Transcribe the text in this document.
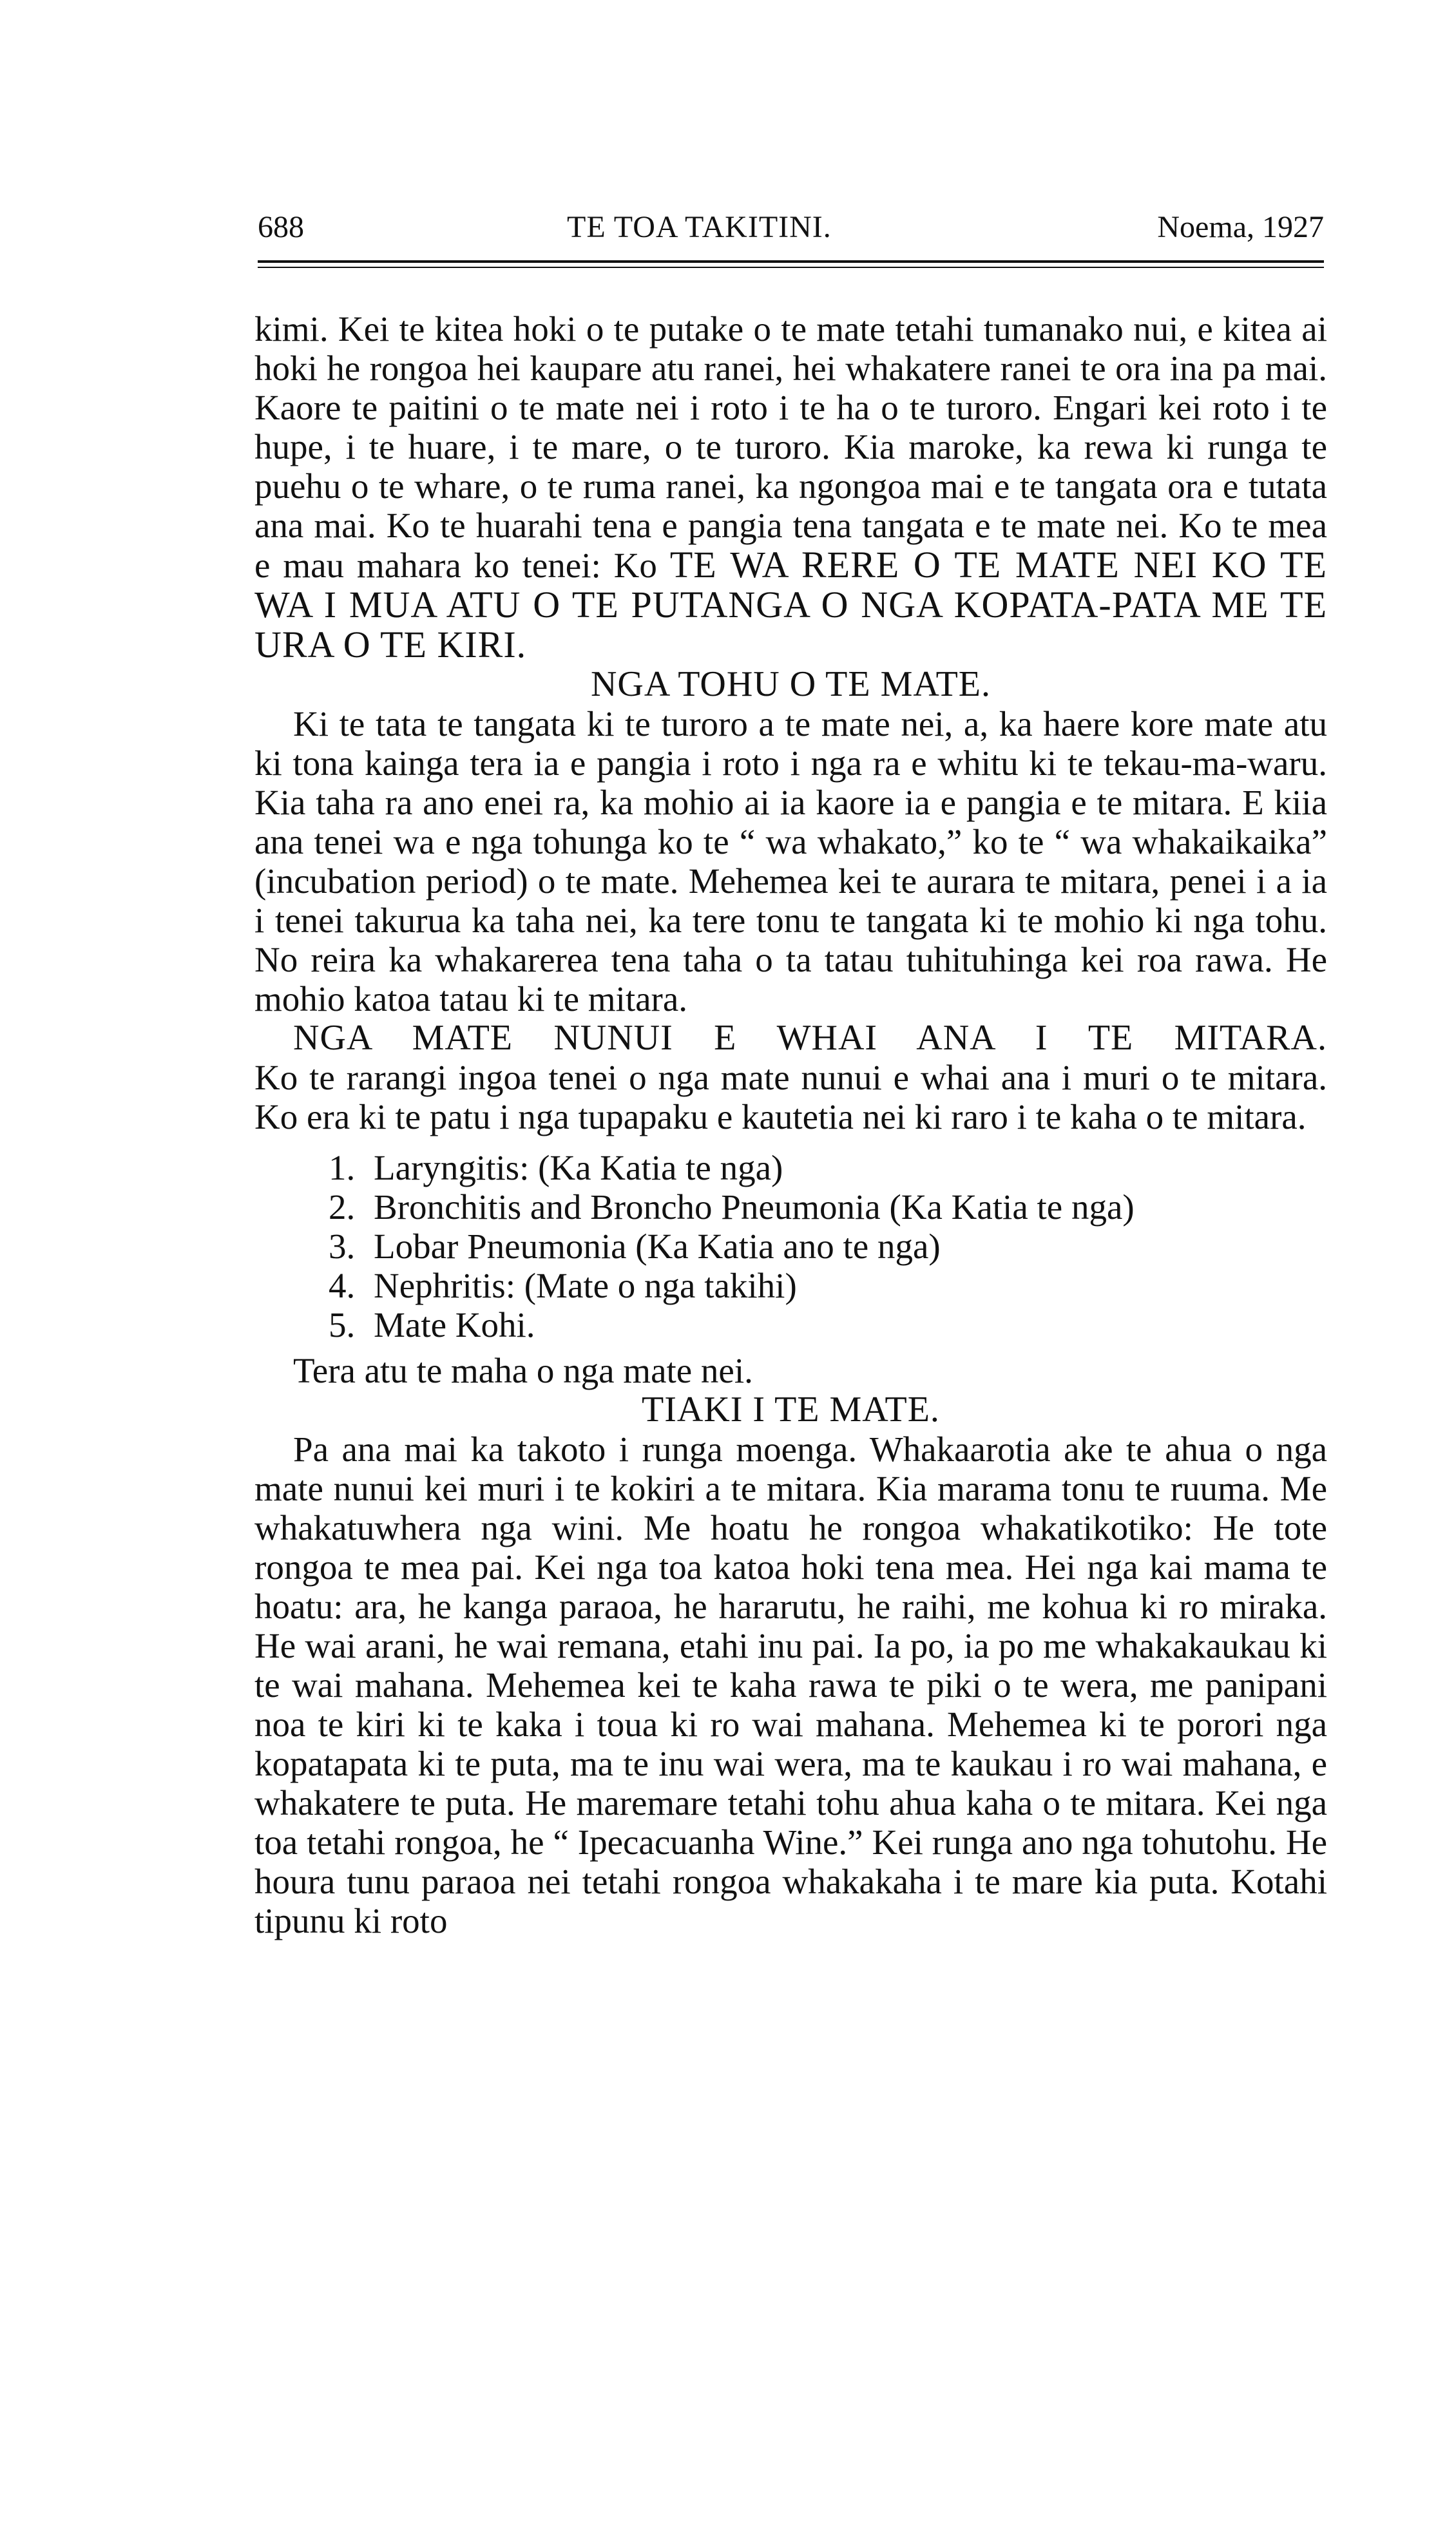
688	TE TOA TAKITINI.	Noema, 1927

kimi. Kei te kitea hoki o te putake o te mate tetahi tumanako nui, e kitea ai hoki he rongoa hei kaupare atu ranei, hei whakatere ranei te ora ina pa mai. Kaore te paitini o te mate nei i roto i te ha o te turoro. Engari kei roto i te hupe, i te huare, i te mare, o te turoro. Kia maroke, ka rewa ki runga te puehu o te whare, o te ruma ranei, ka ngongoa mai e te tangata ora e tutata ana mai. Ko te huarahi tena e pangia tena tangata e te mate nei. Ko te mea e mau mahara ko tenei: Ko TE WA RERE O TE MATE NEI KO TE WA I MUA ATU O TE PUTANGA O NGA KOPATA-PATA ME TE URA O TE KIRI.

NGA TOHU O TE MATE.

Ki te tata te tangata ki te turoro a te mate nei, a, ka haere kore mate atu ki tona kainga tera ia e pangia i roto i nga ra e whitu ki te tekau-ma-waru. Kia taha ra ano enei ra, ka mohio ai ia kaore ia e pangia e te mitara. E kiia ana tenei wa e nga tohunga ko te “ wa whakato,” ko te “ wa whakaikaika” (incubation period) o te mate. Mehemea kei te aurara te mitara, penei i a ia i tenei takurua ka taha nei, ka tere tonu te tangata ki te mohio ki nga tohu. No reira ka whakarerea tena taha o ta tatau tuhituhinga kei roa rawa. He mohio katoa tatau ki te mitara.

NGA MATE NUNUI E WHAI ANA I TE MITARA.

Ko te rarangi ingoa tenei o nga mate nunui e whai ana i muri o te mitara. Ko era ki te patu i nga tupapaku e kautetia nei ki raro i te kaha o te mitara.

1. Laryngitis: (Ka Katia te nga)
2. Bronchitis and Broncho Pneumonia (Ka Katia te nga)
3. Lobar Pneumonia (Ka Katia ano te nga)
4. Nephritis: (Mate o nga takihi)
5. Mate Kohi.

Tera atu te maha o nga mate nei.

TIAKI I TE MATE.

Pa ana mai ka takoto i runga moenga. Whakaarotia ake te ahua o nga mate nunui kei muri i te kokiri a te mitara. Kia marama tonu te ruuma. Me whakatuwhera nga wini. Me hoatu he rongoa whakatikotiko: He tote rongoa te mea pai. Kei nga toa katoa hoki tena mea. Hei nga kai mama te hoatu: ara, he kanga paraoa, he hararutu, he raihi, me kohua ki ro miraka. He wai arani, he wai remana, etahi inu pai. Ia po, ia po me whakakaukau ki te wai mahana. Mehemea kei te kaha rawa te piki o te wera, me panipani noa te kiri ki te kaka i toua ki ro wai mahana. Mehemea ki te porori nga kopatapata ki te puta, ma te inu wai wera, ma te kaukau i ro wai mahana, e whakatere te puta. He maremare tetahi tohu ahua kaha o te mitara. Kei nga toa tetahi rongoa, he “ Ipecacuanha Wine.” Kei runga ano nga tohutohu. He houra tunu paraoa nei tetahi rongoa whakakaha i te mare kia puta. Kotahi tipunu ki roto
